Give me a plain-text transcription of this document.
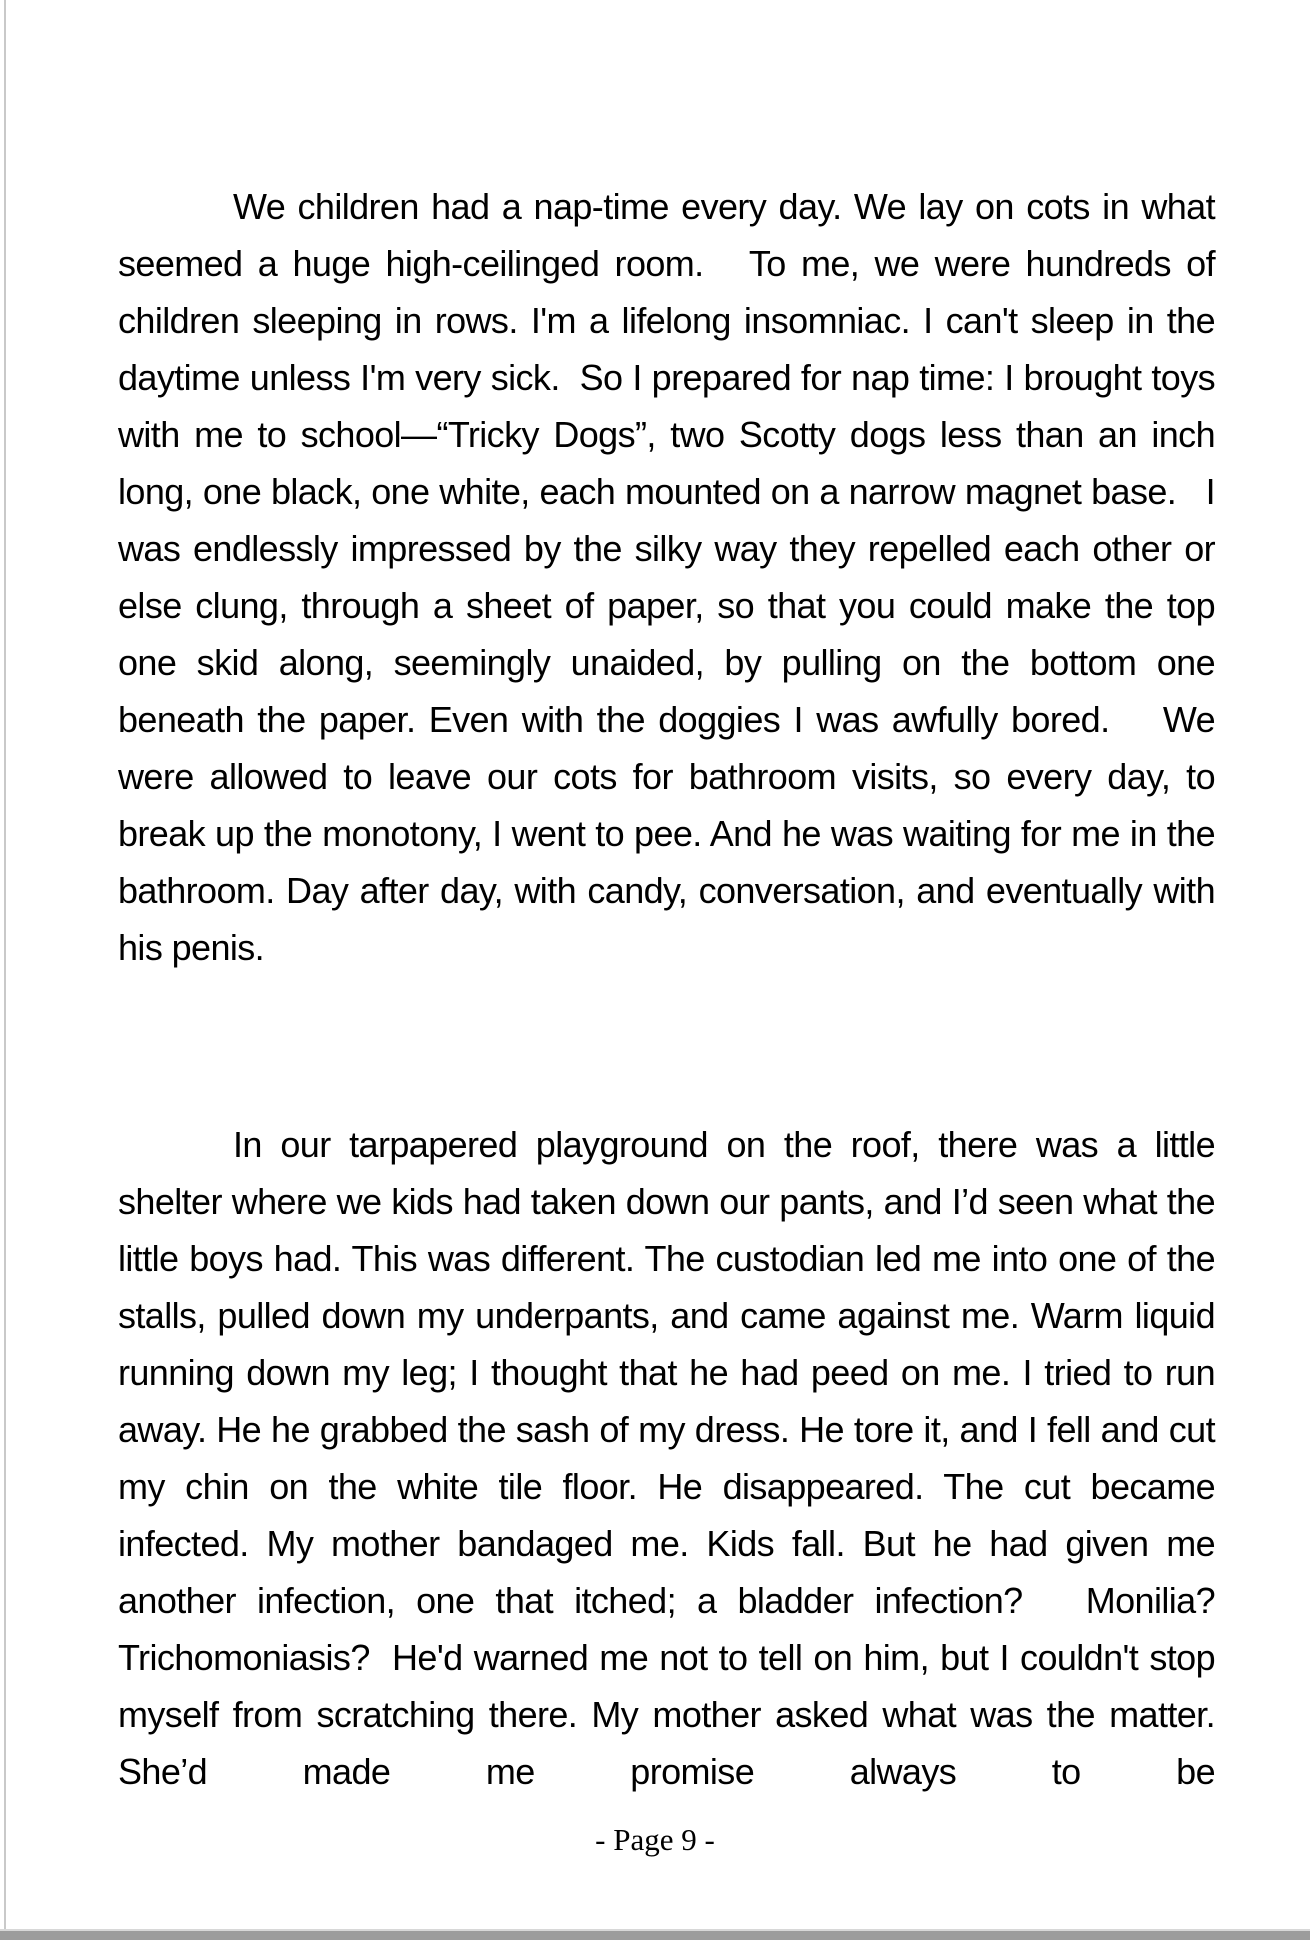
We children had a nap-time every day. We lay on cots in what seemed a huge high-ceilinged room.   To me, we were hundreds of children sleeping in rows. I'm a lifelong insomniac. I can't sleep in the daytime unless I'm very sick.  So I prepared for nap time: I brought toys with me to school—“Tricky Dogs”, two Scotty dogs less than an inch long, one black, one white, each mounted on a narrow magnet base.   I was endlessly impressed by the silky way they repelled each other or else clung, through a sheet of paper, so that you could make the top one skid along, seemingly unaided, by pulling on the bottom one beneath the paper. Even with the doggies I was awfully bored.    We were allowed to leave our cots for bathroom visits, so every day, to break up the monotony, I went to pee. And he was waiting for me in the bathroom. Day after day, with candy, conversation, and eventually with his penis.

In our tarpapered playground on the roof, there was a little shelter where we kids had taken down our pants, and I’d seen what the little boys had. This was different. The custodian led me into one of the stalls, pulled down my underpants, and came against me. Warm liquid running down my leg; I thought that he had peed on me. I tried to run away. He he grabbed the sash of my dress. He tore it, and I fell and cut my chin on the white tile floor. He disappeared. The cut became infected. My mother bandaged me. Kids fall. But he had given me another infection, one that itched; a bladder infection?   Monilia? Trichomoniasis?  He'd warned me not to tell on him, but I couldn't stop myself from scratching there. My mother asked what was the matter.  She’d made me promise always to be

- Page 9 -
